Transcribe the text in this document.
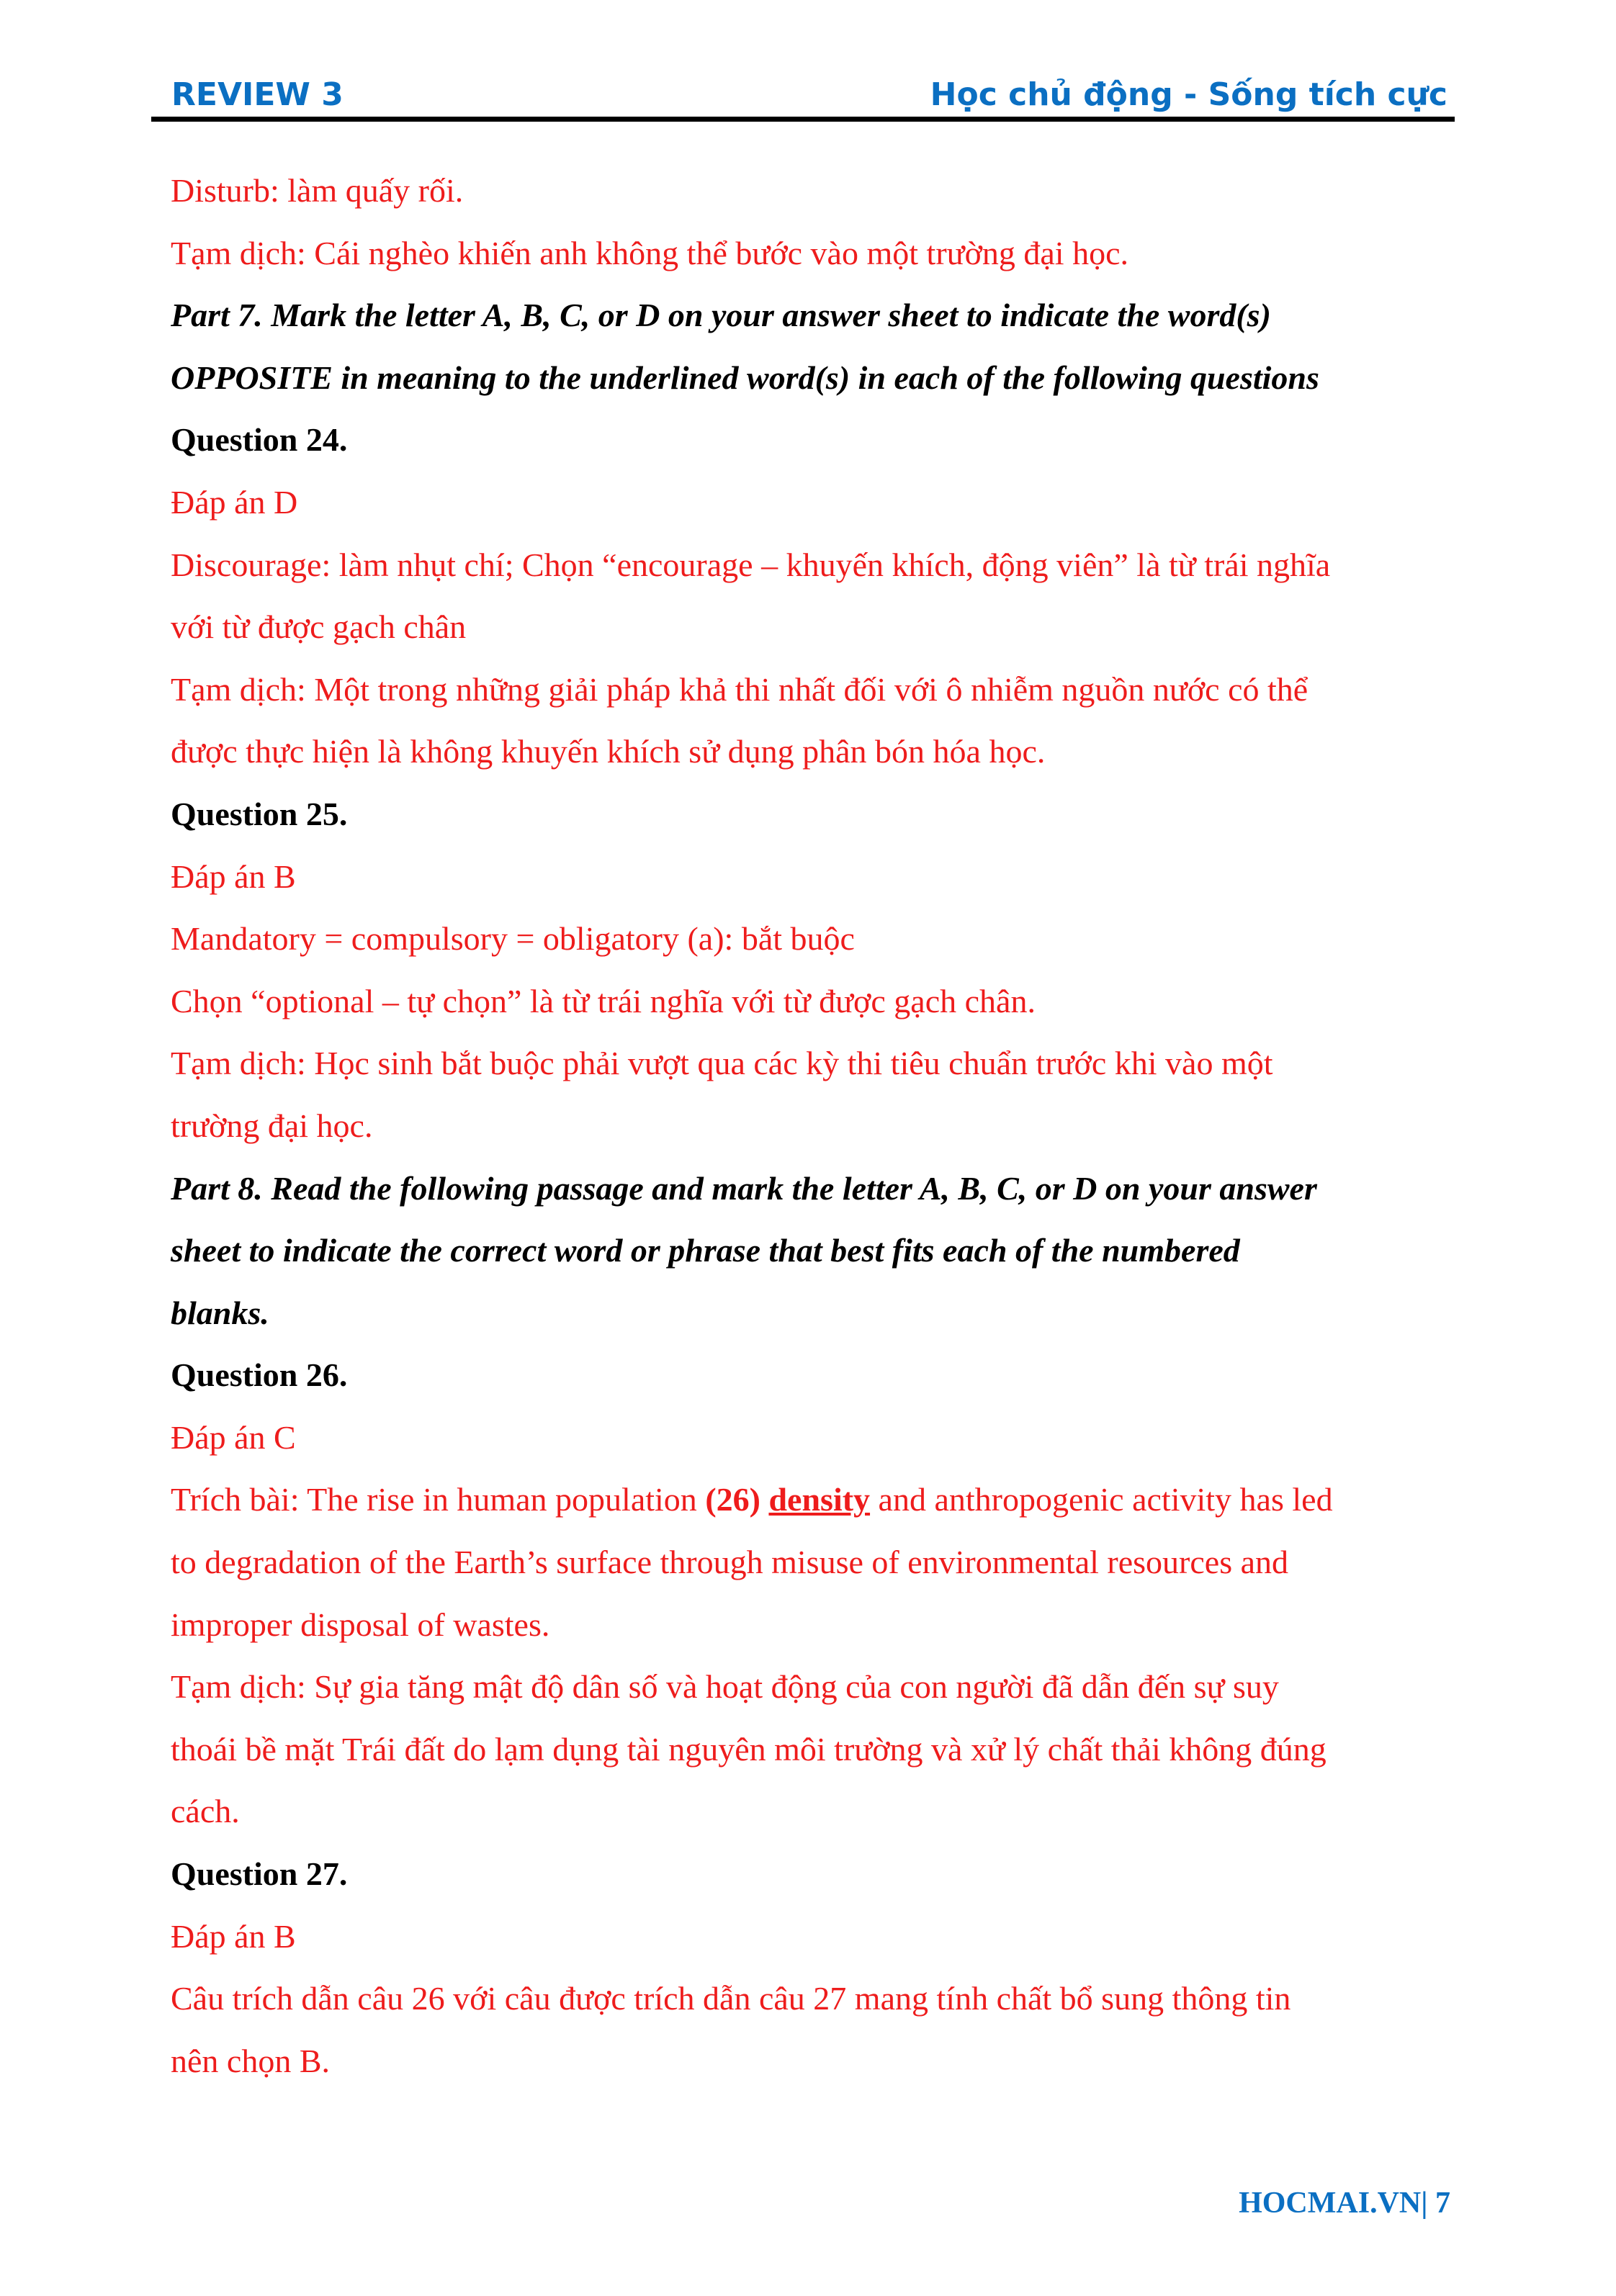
REVIEW 3	Học chủ động - Sống tích cực
Disturb: làm quấy rối.
Tạm dịch: Cái nghèo khiến anh không thể bước vào một trường đại học.
Part 7. Mark the letter A, B, C, or D on your answer sheet to indicate the word(s)
OPPOSITE in meaning to the underlined word(s) in each of the following questions
Question 24.
Đáp án D
Discourage: làm nhụt chí; Chọn “encourage – khuyến khích, động viên” là từ trái nghĩa
với từ được gạch chân
Tạm dịch: Một trong những giải pháp khả thi nhất đối với ô nhiễm nguồn nước có thể
được thực hiện là không khuyến khích sử dụng phân bón hóa học.
Question 25.
Đáp án B
Mandatory = compulsory = obligatory (a): bắt buộc
Chọn “optional – tự chọn” là từ trái nghĩa với từ được gạch chân.
Tạm dịch: Học sinh bắt buộc phải vượt qua các kỳ thi tiêu chuẩn trước khi vào một
trường đại học.
Part 8. Read the following passage and mark the letter A, B, C, or D on your answer
sheet to indicate the correct word or phrase that best fits each of the numbered
blanks.
Question 26.
Đáp án C
Trích bài: The rise in human population (26) density and anthropogenic activity has led
to degradation of the Earth’s surface through misuse of environmental resources and
improper disposal of wastes.
Tạm dịch: Sự gia tăng mật độ dân số và hoạt động của con người đã dẫn đến sự suy
thoái bề mặt Trái đất do lạm dụng tài nguyên môi trường và xử lý chất thải không đúng
cách.
Question 27.
Đáp án B
Câu trích dẫn câu 26 với câu được trích dẫn câu 27 mang tính chất bổ sung thông tin
nên chọn B.
HOCMAI.VN| 7
